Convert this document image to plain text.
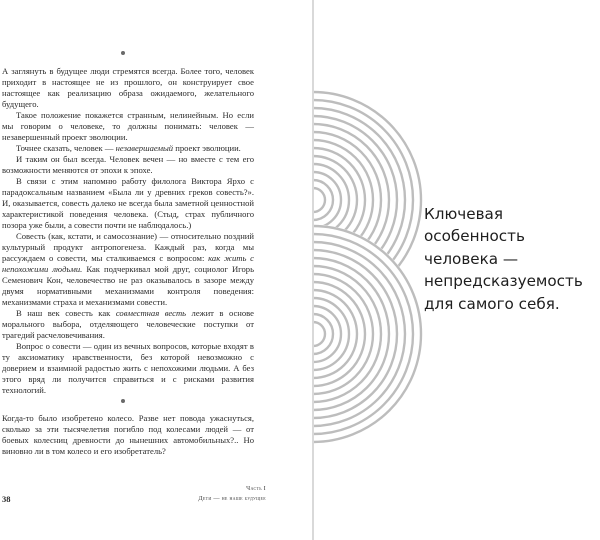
А заглянуть в будущее люди стремятся всегда. Более того, человек приходит в настоящее не из прошлого, он конструирует свое настоящее как реализацию образа ожидаемого, желательного будущего.

Такое положение покажется странным, нелинейным. Но если мы говорим о человеке, то должны понимать: человек — незавершенный проект эволюции.

Точнее сказать, человек — незавершаемый проект эволюции.

И таким он был всегда. Человек вечен — но вместе с тем его возможности меняются от эпохи к эпохе.

В связи с этим напомню работу филолога Виктора Ярхо с парадоксальным названием «Была ли у древних греков совесть?». И, оказывается, совесть далеко не всегда была заметной ценностной характеристикой поведения человека. (Стыд, страх публичного позора уже были, а совести почти не наблюдалось.)

Совесть (как, кстати, и самосознание) — относительно поздний культурный продукт антропогенеза. Каждый раз, когда мы рассуждаем о совести, мы сталкиваемся с вопросом: как жить с непохожими людьми. Как подчеркивал мой друг, социолог Игорь Семенович Кон, человечество не раз оказывалось в зазоре между двумя нормативными механизмами контроля поведения: механизмами страха и механизмами совести.

В наш век совесть как совместная весть лежит в основе морального выбора, отделяющего человеческие поступки от трагедий расчеловечивания.

Вопрос о совести — один из вечных вопросов, которые входят в ту аксиоматику нравственности, без которой невозможно с доверием и взаимной радостью жить с непохожими людьми. А без этого вряд ли получится справиться и с рисками развития технологий.

Когда-то было изобретено колесо. Разве нет повода ужаснуться, сколько за эти тысячелетия погибло под колесами людей — от боевых колесниц древности до нынешних автомобильных?.. Но виновно ли в том колесо и его изобретатель?

38
Часть I
Дети — не наше будущее
Ключевая
особенность
человека —
непредсказуемость
для самого себя.
